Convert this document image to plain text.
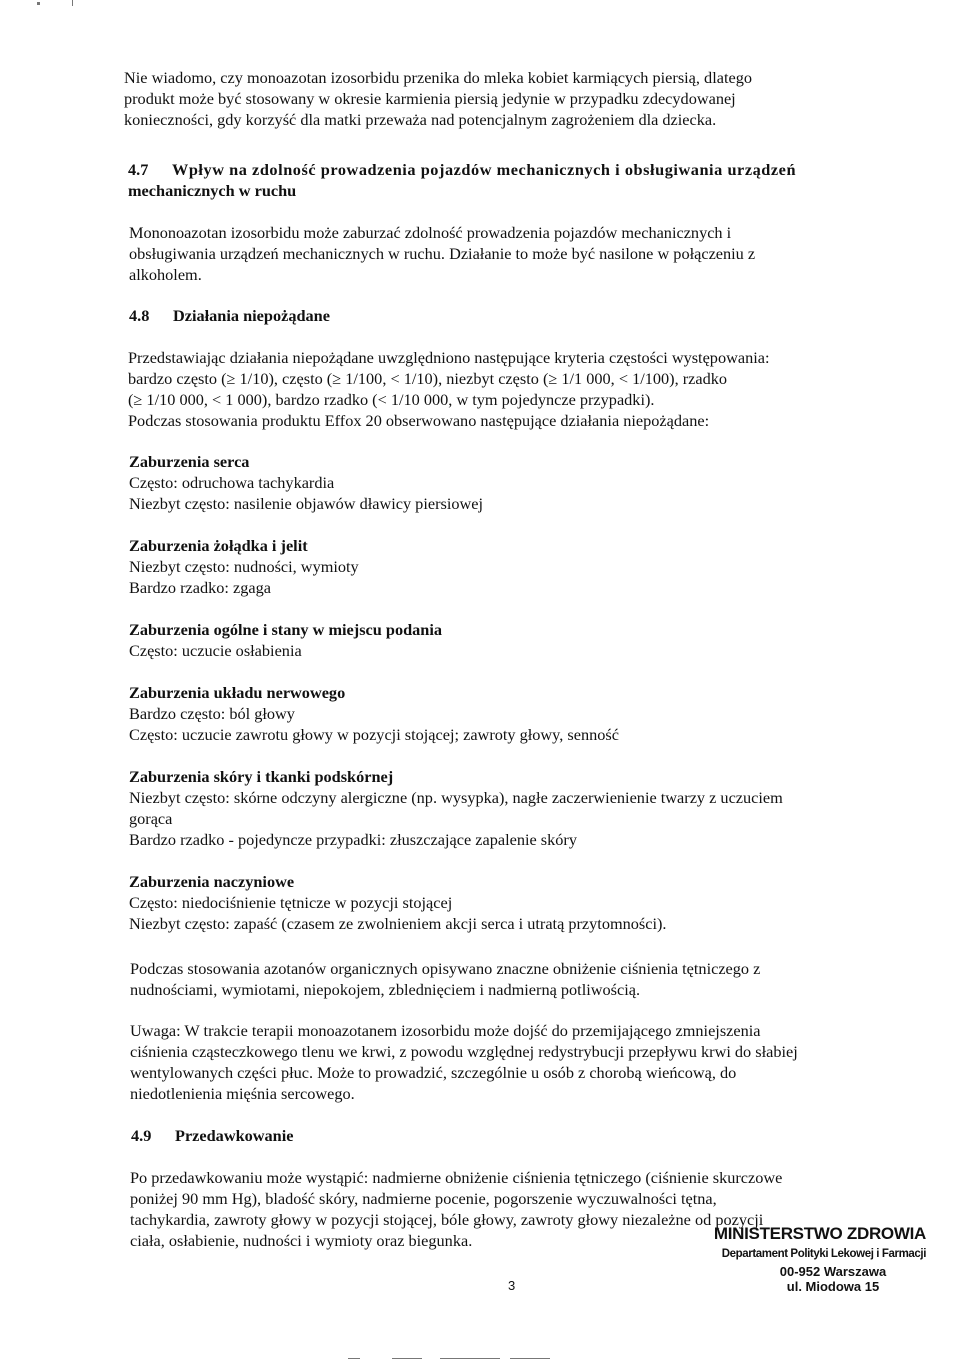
Nie wiadomo, czy monoazotan izosorbidu przenika do mleka kobiet karmiących piersią, dlatego
produkt może być stosowany w okresie karmienia piersią jedynie w przypadku zdecydowanej
konieczności, gdy korzyść dla matki przeważa nad potencjalnym zagrożeniem dla dziecka.
4.7 Wpływ na zdolność prowadzenia pojazdów mechanicznych i obsługiwania urządzeń
mechanicznych w ruchu
Mononoazotan izosorbidu może zaburzać zdolność prowadzenia pojazdów mechanicznych i
obsługiwania urządzeń mechanicznych w ruchu. Działanie to może być nasilone w połączeniu z
alkoholem.
4.8 Działania niepożądane
Przedstawiając działania niepożądane uwzględniono następujące kryteria częstości występowania:
bardzo często (≥ 1/10), często (≥ 1/100, < 1/10), niezbyt często (≥ 1/1 000, < 1/100), rzadko
(≥ 1/10 000, < 1 000), bardzo rzadko (< 1/10 000, w tym pojedyncze przypadki).
Podczas stosowania produktu Effox 20 obserwowano następujące działania niepożądane:
Zaburzenia serca
Często: odruchowa tachykardia
Niezbyt często: nasilenie objawów dławicy piersiowej
Zaburzenia żołądka i jelit
Niezbyt często: nudności, wymioty
Bardzo rzadko: zgaga
Zaburzenia ogólne i stany w miejscu podania
Często: uczucie osłabienia
Zaburzenia układu nerwowego
Bardzo często: ból głowy
Często: uczucie zawrotu głowy w pozycji stojącej; zawroty głowy, senność
Zaburzenia skóry i tkanki podskórnej
Niezbyt często: skórne odczyny alergiczne (np. wysypka), nagłe zaczerwienienie twarzy z uczuciem
gorąca
Bardzo rzadko - pojedyncze przypadki: złuszczające zapalenie skóry
Zaburzenia naczyniowe
Często: niedociśnienie tętnicze w pozycji stojącej
Niezbyt często: zapaść (czasem ze zwolnieniem akcji serca i utratą przytomności).
Podczas stosowania azotanów organicznych opisywano znaczne obniżenie ciśnienia tętniczego z
nudnościami, wymiotami, niepokojem, zblednięciem i nadmierną potliwością.
Uwaga: W trakcie terapii monoazotanem izosorbidu może dojść do przemijającego zmniejszenia
ciśnienia cząsteczkowego tlenu we krwi, z powodu względnej redystrybucji przepływu krwi do słabiej
wentylowanych części płuc. Może to prowadzić, szczególnie u osób z chorobą wieńcową, do
niedotlenienia mięśnia sercowego.
4.9 Przedawkowanie
Po przedawkowaniu może wystąpić: nadmierne obniżenie ciśnienia tętniczego (ciśnienie skurczowe
poniżej 90 mm Hg), bladość skóry, nadmierne pocenie, pogorszenie wyczuwalności tętna,
tachykardia, zawroty głowy w pozycji stojącej, bóle głowy, zawroty głowy niezależne od pozycji
ciała, osłabienie, nudności i wymioty oraz biegunka.	MINISTERSTWO ZDROWIA
Departament Polityki Lekowej i Farmacji
00-952 Warszawa
ul. Miodowa 15
3
